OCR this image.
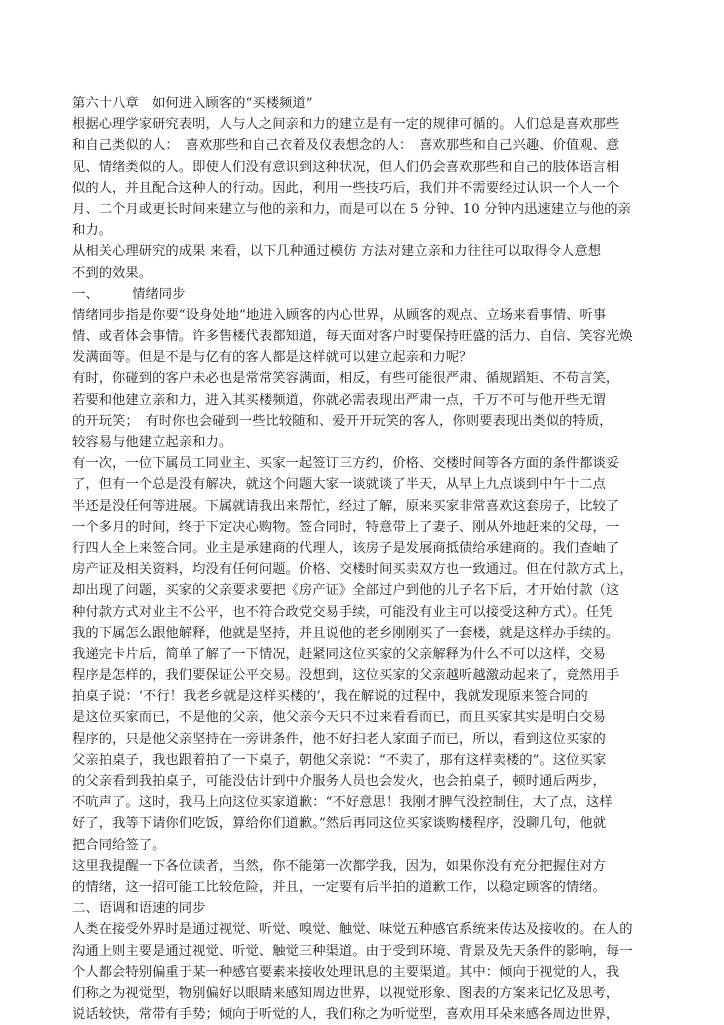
第六十八章　如何进入顾客的“买楼频道”
根据心理学家研究表明，人与人之间亲和力的建立是有一定的规律可循的。人们总是喜欢那些
和自己类似的人：　喜欢那些和自己衣着及仪表想念的人：　喜欢那些和自己兴趣、价值观、意
见、情绪类似的人。即使人们没有意识到这种状况，但人们仍会喜欢那些和自己的肢体语言相
似的人，并且配合这种人的行动。因此，利用一些技巧后，我们并不需要经过认识一个人一个
月、二个月或更长时间来建立与他的亲和力，而是可以在 5 分钟、10 分钟内迅速建立与他的亲
和力。
从相关心理研究的成果 来看，以下几种通过模仿 方法对建立亲和力往往可以取得令人意想
不到的效果。
一、　　　情绪同步
情绪同步指是你要“设身处地”地进入顾客的内心世界，从顾客的观点、立场来看事情、听事
情、或者体会事情。许多售楼代表都知道，每天面对客户时要保持旺盛的活力、自信、笑容光焕
发满面等。但是不是与亿有的客人都是这样就可以建立起亲和力呢？
有时，你碰到的客户未必也是常常笑容满面，相反，有些可能很严肃、循规蹈矩、不苟言笑，
若要和他建立亲和力，进入其买楼频道，你就必需表现出严肃一点，千万不可与他开些无谓
的开玩笑；　有时你也会碰到一些比较随和、爱开开玩笑的客人，你则要表现出类似的特质，
较容易与他建立起亲和力。
有一次，一位下属员工同业主、买家一起签订三方约，价格、交楼时间等各方面的条件都谈妥
了，但有一个总是没有解决，就这个问题大家一谈就谈了半天，从早上九点谈到中午十二点
半还是没任何等进展。下属就请我出来帮忙，经过了解，原来买家非常喜欢这套房子，比较了
一个多月的时间，终于下定决心购物。签合同时，特意带上了妻子、刚从外地赶来的父母，一
行四人全上来签合同。业主是承建商的代理人，该房子是发展商抵债给承建商的。我们查岫了
房产证及相关资料，均没有任何问题。价格、交楼时间买卖双方也一致通过。但在付款方式上，
却出现了问题，买家的父亲要求要把《房产证》全部过户到他的儿子名下后，才开始付款（这
种付款方式对业主不公平，也不符合政党交易手续，可能没有业主可以接受这种方式）。任凭
我的下属怎么跟他解释，他就是坚持，并且说他的老乡刚刚买了一套楼，就是这样办手续的。
我递完卡片后，简单了解了一下情况，赶紧同这位买家的父亲解释为什么不可以这样，交易
程序是怎样的，我们要保证公平交易。没想到，这位买家的父亲越听越激动起来了，竟然用手
拍桌子说：‘不行！我老乡就是这样买楼的’，我在解说的过程中，我就发现原来签合同的
是这位买家而已，不是他的父亲，他父亲今天只不过来看看而已，而且买家其实是明白交易
程序的，只是他父亲坚持在一旁讲条件，他不好扫老人家面子而已，所以，看到这位买家的
父亲拍桌子，我也跟着拍了一下桌子，朝他父亲说：“不卖了，那有这样卖楼的”。这位买家
的父亲看到我拍桌子，可能没估计到中介服务人员也会发火，也会拍桌子，顿时通后两步，
不吭声了。这时，我马上向这位买家道歉：“不好意思！我刚才脾气没控制住，大了点，这样
好了，我等下请你们吃饭，算给你们道歉。”然后再同这位买家谈购楼程序，没聊几句，他就
把合同给签了。
这里我提醒一下各位读者，当然，你不能第一次都学我，因为，如果你没有充分把握住对方
的情绪，这一招可能工比较危险，并且，一定要有后半拍的道歉工作，以稳定顾客的情绪。
二、语调和语速的同步
人类在接受外界时是通过视觉、听觉、嗅觉、触觉、味觉五种感官系统来传达及接收的。在人的
沟通上则主要是通过视觉、听觉、触觉三种渠道。由于受到环境、背景及先天条件的影响，每一
个人都会特别偏重于某一种感官要素来接收处理讯息的主要渠道。其中：倾向于视觉的人，我
们称之为视觉型，物别偏好以眼睛来感知周边世界，以视觉形象、图表的方案来记忆及思考，
说话较快，常带有手势；倾向于听觉的人，我们称之为听觉型，喜欢用耳朵来感各周边世界，
